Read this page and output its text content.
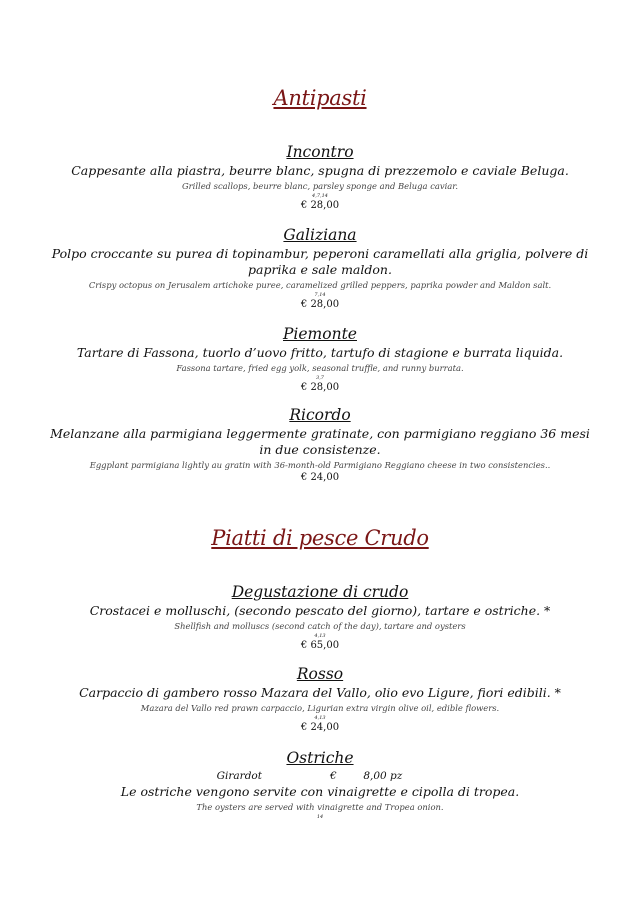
Antipasti

Incontro

Cappesante alla piastra, beurre blanc, spugna di prezzemolo e caviale Beluga.

Grilled scallops, beurre blanc, parsley sponge and Beluga caviar.

4,7,14

€ 28,00

Galiziana

Polpo croccante su purea di topinambur, peperoni caramellati alla griglia, polvere di paprika e sale maldon.

Crispy octopus on Jerusalem artichoke puree, caramelized grilled peppers, paprika powder and Maldon salt.

7,14

€ 28,00

Piemonte

Tartare di Fassona, tuorlo d’uovo fritto, tartufo di stagione e burrata liquida.

Fassona tartare, fried egg yolk, seasonal truffle, and runny burrata.

3,7

€ 28,00

Ricordo

Melanzane alla parmigiana leggermente gratinate, con parmigiano reggiano 36 mesi in due consistenze.

Eggplant parmigiana lightly au gratin with 36-month-old Parmigiano Reggiano cheese in two consistencies..

€ 24,00

Piatti di pesce Crudo

Degustazione di crudo

Crostacei e molluschi, (secondo pescato del giorno), tartare e ostriche. *

Shellfish and molluscs (second catch of the day), tartare and oysters

4,13

€ 65,00

Rosso

Carpaccio di gambero rosso Mazara del Vallo, olio evo Ligure, fiori edibili. *

Mazara del Vallo red prawn carpaccio, Ligurian extra virgin olive oil, edible flowers.

4,13

€ 24,00

Ostriche

Girardot	€	8,00 pz

Le ostriche vengono servite con vinaigrette e cipolla di tropea.

The oysters are served with vinaigrette and Tropea onion.

14
